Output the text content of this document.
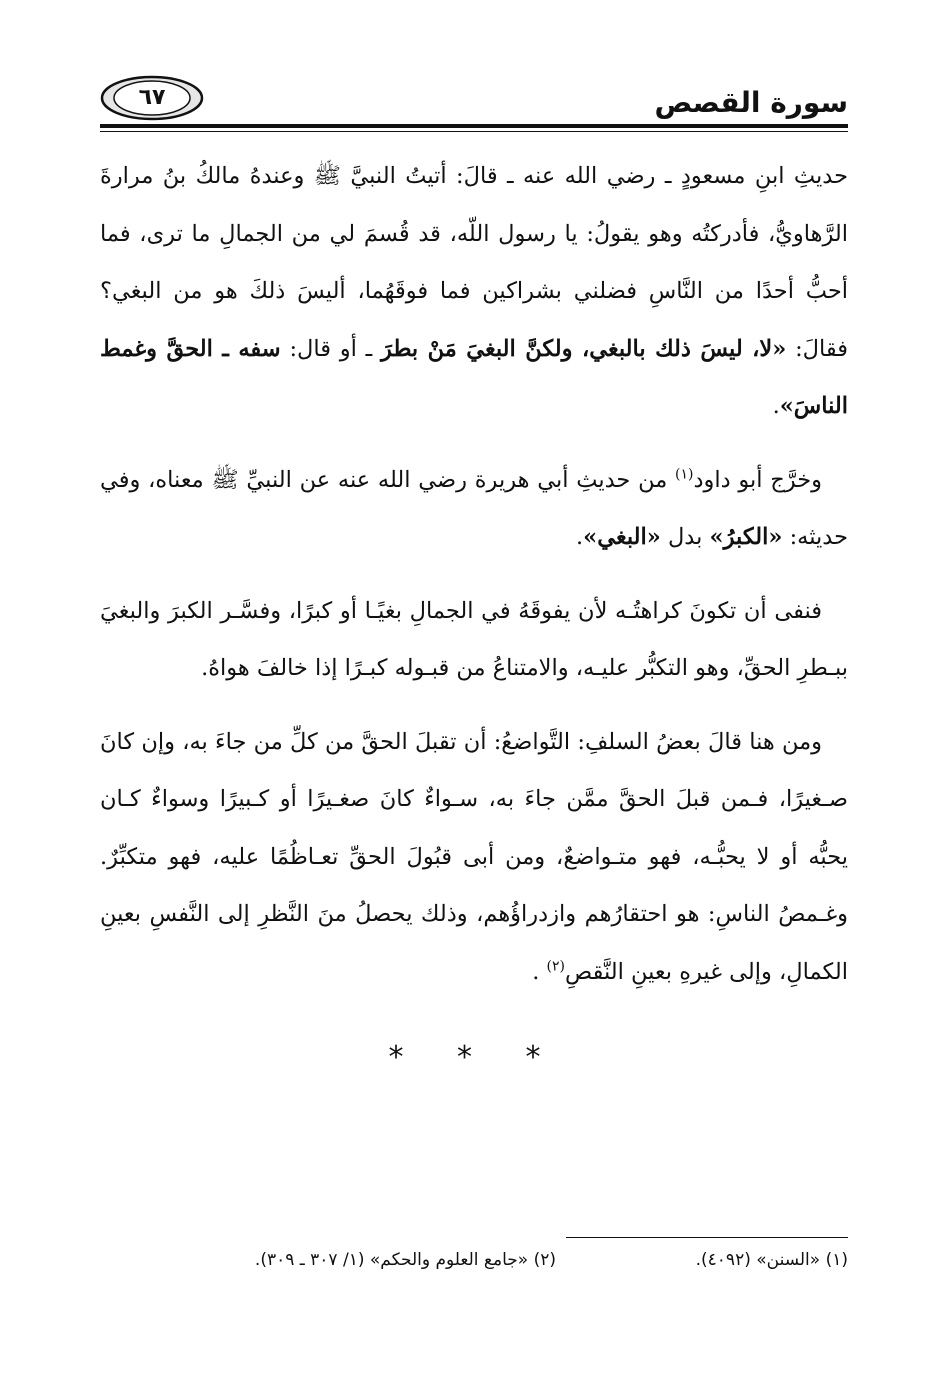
٦٧	سورة القصص

حديثِ ابنِ مسعودٍ ـ رضي الله عنه ـ قالَ: أتيتُ النبيَّ ﷺ وعندهُ مالكُ بنُ مرارةَ الرَّهاويُّ، فأدركتُه وهو يقولُ: يا رسول اللّه، قد قُسمَ لي من الجمالِ ما ترى، فما أحبُّ أحدًا من النَّاسِ فضلني بشراكين فما فوقَهُما، أليسَ ذلكَ هو من البغي؟ فقالَ: «لا، ليسَ ذلك بالبغي، ولكنَّ البغيَ مَنْ بطرَ ـ أو قال: سفه ـ الحقَّ وغمط الناسَ».

وخرَّج أبو داود$^{(١)}$ من حديثِ أبي هريرة رضي الله عنه عن النبيِّ ﷺ معناه، وفي حديثه: «الكبرُ» بدل «البغي».

فنفى أن تكونَ كراهتُـه لأن يفوقَهُ في الجمالِ بغيًـا أو كبرًا، وفسَّـر الكبرَ والبغيَ ببـطرِ الحقِّ، وهو التكبُّر عليـه، والامتناعُ من قبـوله كبـرًا إذا خالفَ هواهُ.

ومن هنا قالَ بعضُ السلفِ: التَّواضعُ: أن تقبلَ الحقَّ من كلِّ من جاءَ به، وإن كانَ صـغيرًا، فـمن قبلَ الحقَّ ممَّن جاءَ به، سـواءٌ كانَ صغـيرًا أو كـبيرًا وسواءٌ كـان يحبُّه أو لا يحبُّـه، فهو متـواضعٌ، ومن أبى قبُولَ الحقِّ تعـاظُمًا عليه، فهو متكبِّرٌ. وغـمصُ الناسِ: هو احتقارُهم وازدراؤُهم، وذلك يحصلُ منَ النَّظرِ إلى النَّفسِ بعينِ الكمالِ، وإلى غيرهِ بعينِ النَّقصِ$^{(٢)}$ .

* * *
(١) «السنن» (٤٠٩٢).
(٢) «جامع العلوم والحكم» (١/ ٣٠٧ ـ ٣٠٩).
